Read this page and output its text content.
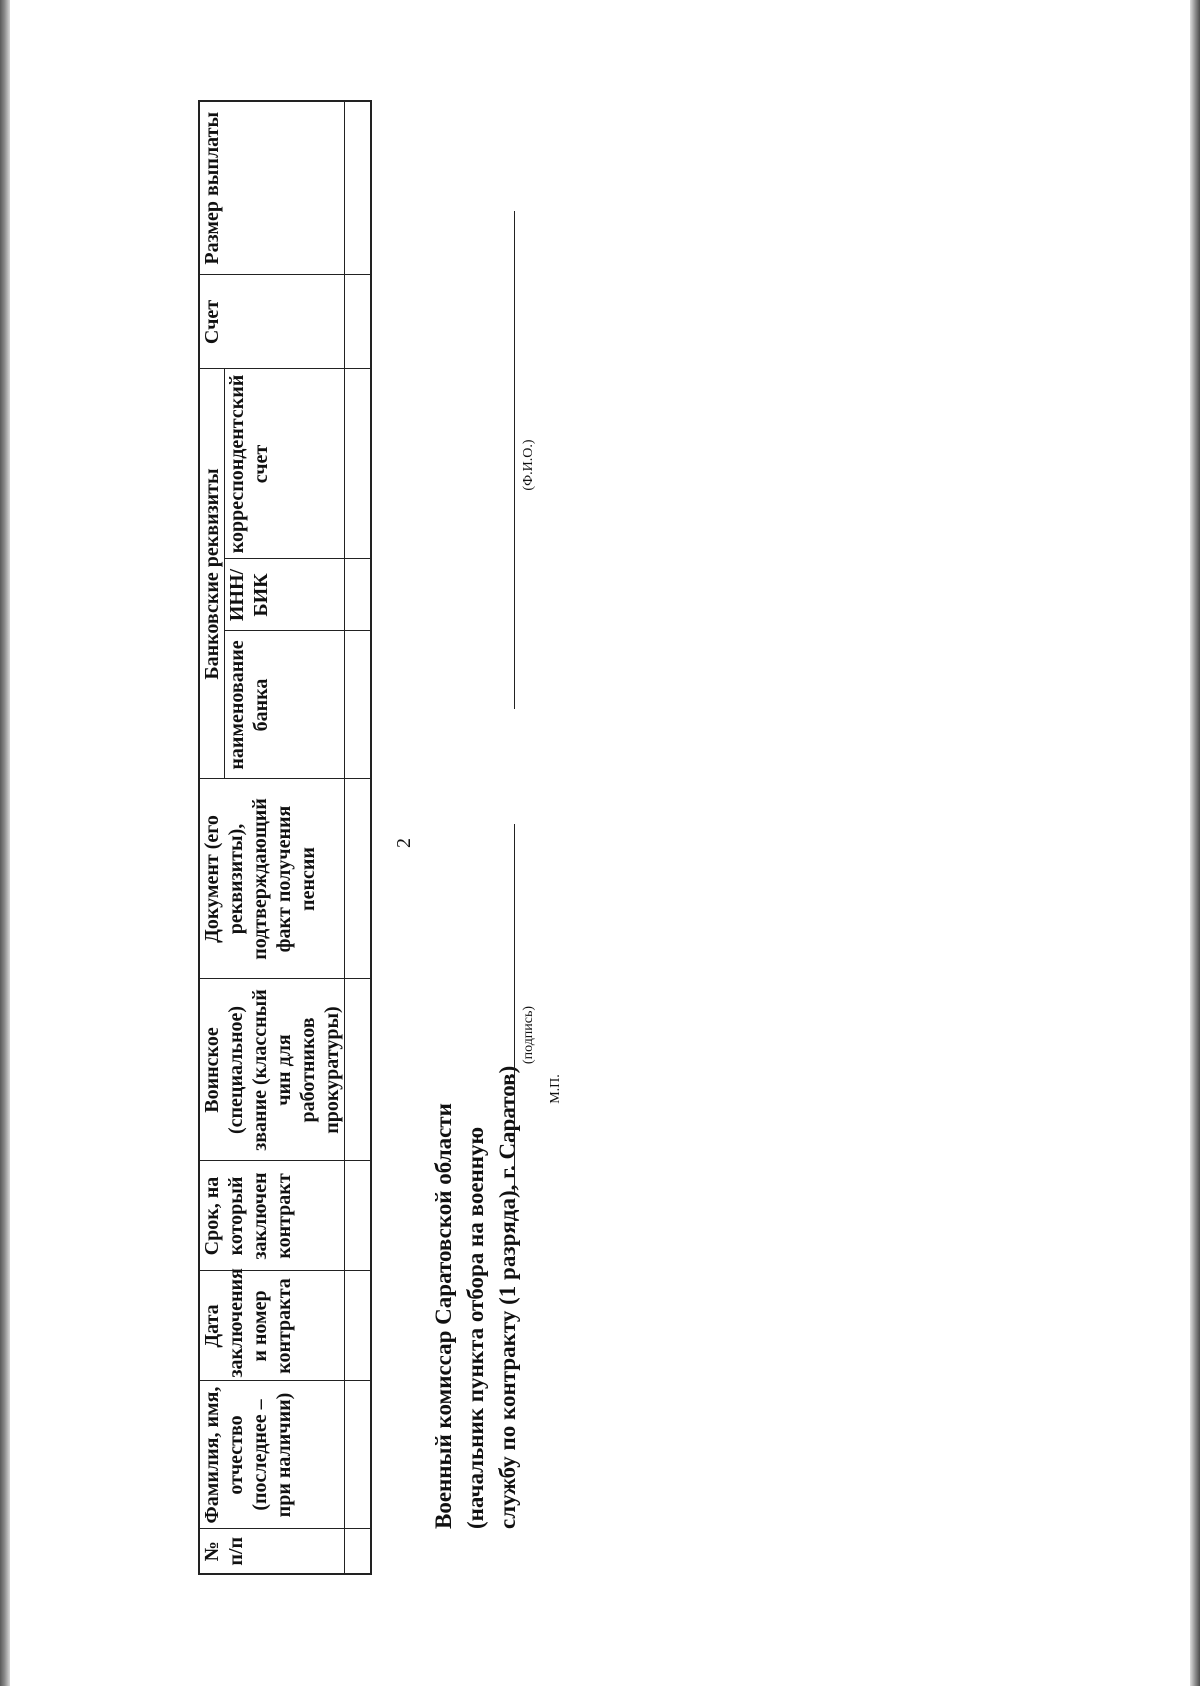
2
№ п/п	Фамилия, имя, отчество (последнее – при наличии)	Дата заключения и номер контракта	Срок, на который заключен контракт	Воинское (специальное) звание (классный чин для работников прокуратуры)	Документ (его реквизиты), подтверждающий факт получения пенсии	Банковские реквизиты			Счет	Размер выплаты
						наименование банка	ИНН/ БИК	корреспондентский счет		

Военный комиссар Саратовской области (начальник пункта отбора на военную службу по контракту (1 разряда), г. Саратов)
(подпись)
(Ф.И.О.)
М.П.
